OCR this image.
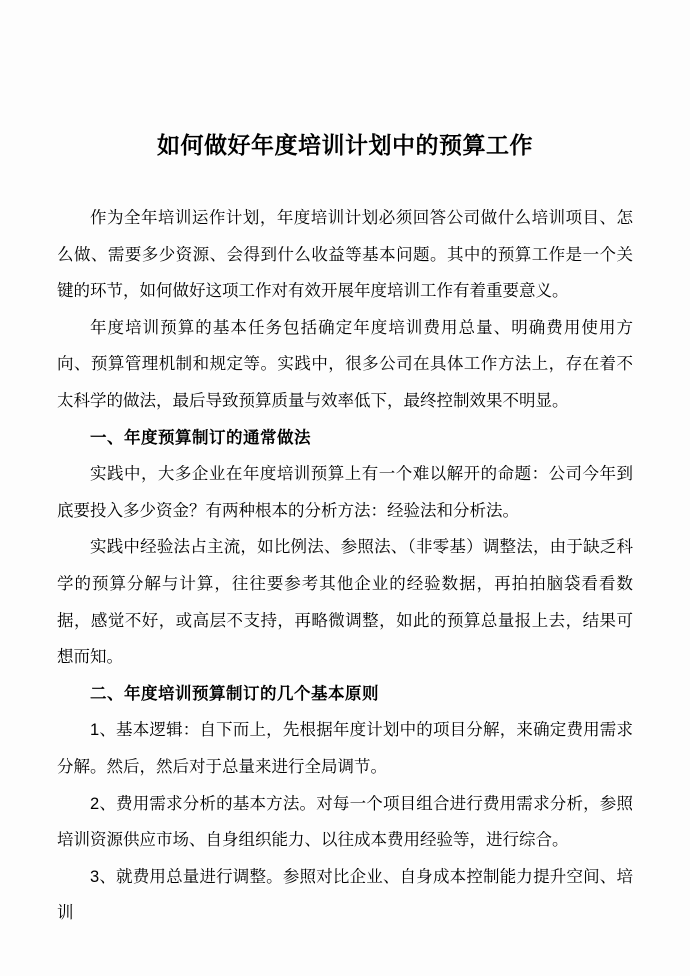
如何做好年度培训计划中的预算工作

作为全年培训运作计划，年度培训计划必须回答公司做什么培训项目、怎么做、需要多少资源、会得到什么收益等基本问题。其中的预算工作是一个关键的环节，如何做好这项工作对有效开展年度培训工作有着重要意义。

年度培训预算的基本任务包括确定年度培训费用总量、明确费用使用方向、预算管理机制和规定等。实践中，很多公司在具体工作方法上，存在着不太科学的做法，最后导致预算质量与效率低下，最终控制效果不明显。

一、年度预算制订的通常做法

实践中，大多企业在年度培训预算上有一个难以解开的命题：公司今年到底要投入多少资金？有两种根本的分析方法：经验法和分析法。

实践中经验法占主流，如比例法、参照法、（非零基）调整法，由于缺乏科学的预算分解与计算，往往要参考其他企业的经验数据，再拍拍脑袋看看数据，感觉不好，或高层不支持，再略微调整，如此的预算总量报上去，结果可想而知。

二、年度培训预算制订的几个基本原则

1、基本逻辑：自下而上，先根据年度计划中的项目分解，来确定费用需求分解。然后，然后对于总量来进行全局调节。

2、费用需求分析的基本方法。对每一个项目组合进行费用需求分析，参照培训资源供应市场、自身组织能力、以往成本费用经验等，进行综合。

3、就费用总量进行调整。参照对比企业、自身成本控制能力提升空间、培训
